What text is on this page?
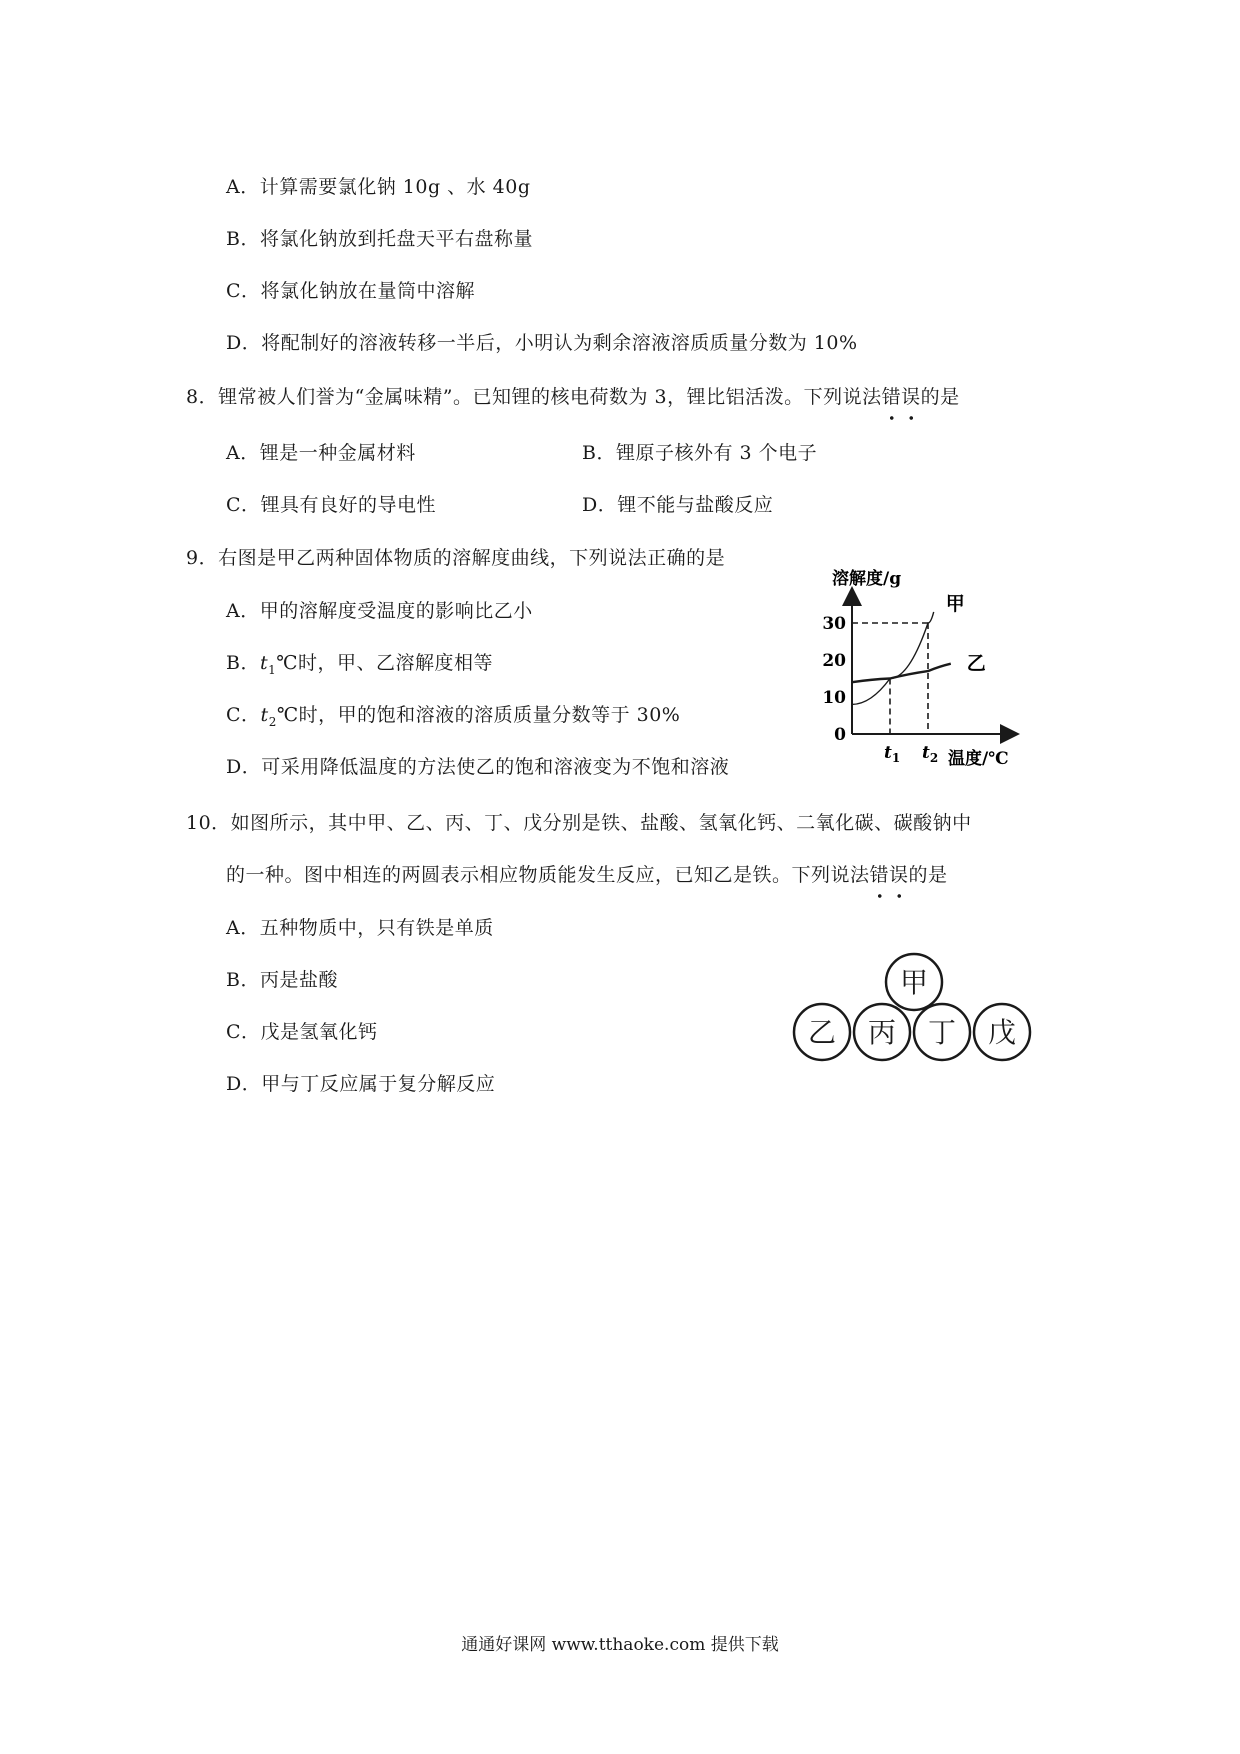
A．计算需要氯化钠 10g 、水 40g
B．将氯化钠放到托盘天平右盘称量
C．将氯化钠放在量筒中溶解
D．将配制好的溶液转移一半后，小明认为剩余溶液溶质质量分数为 10%
8．锂常被人们誉为“金属味精”。已知锂的核电荷数为 3，锂比铝活泼。下列说法错误的是
A．锂是一种金属材料	B．锂原子核外有 3 个电子
C．锂具有良好的导电性	D．锂不能与盐酸反应
9．右图是甲乙两种固体物质的溶解度曲线，下列说法正确的是
A．甲的溶解度受温度的影响比乙小
B．$t_1℃$时，甲、乙溶解度相等
C．$t_2℃$时，甲的饱和溶液的溶质质量分数等于 30%
D．可采用降低温度的方法使乙的饱和溶液变为不饱和溶液
溶解度/g
温度/℃
0
10
20
30
$t_1$ $t_2$
甲
乙
10．如图所示，其中甲、乙、丙、丁、戊分别是铁、盐酸、氢氧化钙、二氧化碳、碳酸钠中
的一种。图中相连的两圆表示相应物质能发生反应，已知乙是铁。下列说法错误的是
A．五种物质中，只有铁是单质
B．丙是盐酸
C．戊是氢氧化钙
D．甲与丁反应属于复分解反应
甲
乙 丙 丁 戊
通通好课网 www.tthaoke.com 提供下载
